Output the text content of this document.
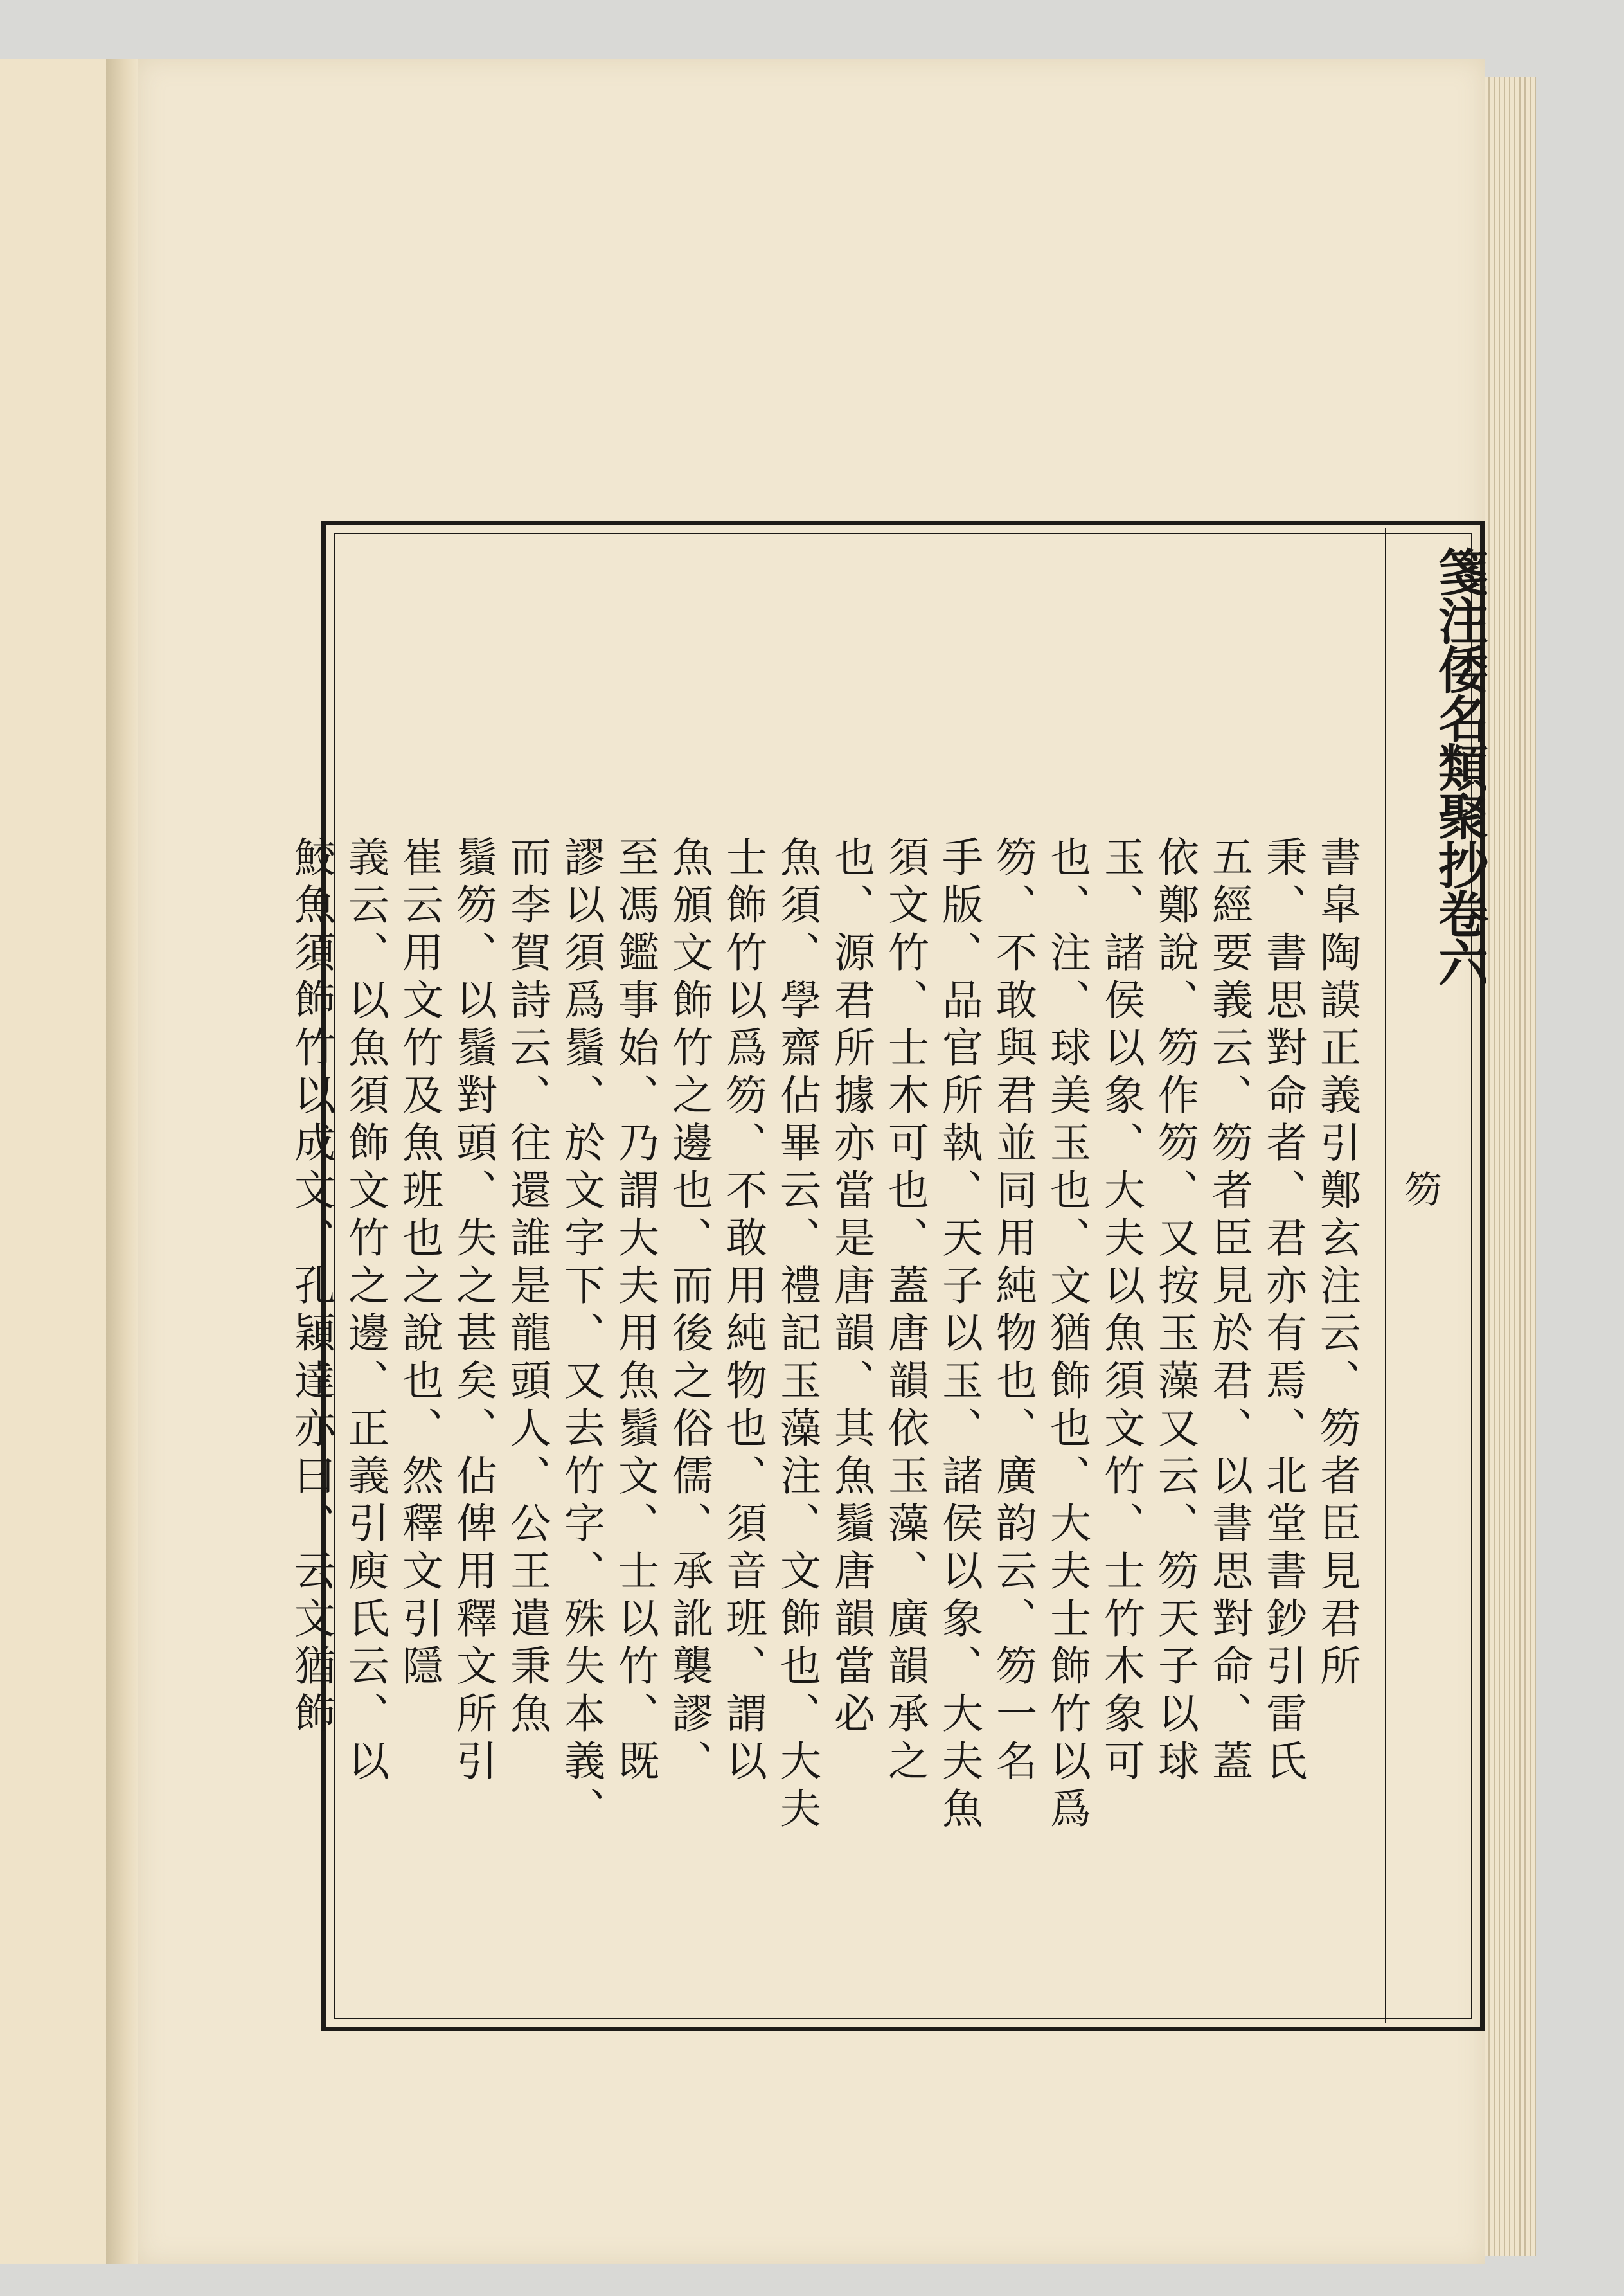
箋注倭名類聚抄卷六
笏
書皐陶謨正義引鄭玄注云、笏者臣見君所
秉、書思對命者、君亦有焉、北堂書鈔引雷氏
五經要義云、笏者臣見於君、以書思對命、蓋
依鄭說、笏作笏、又按玉藻又云、笏天子以球
玉、諸侯以象、大夫以魚須文竹、士竹木象可
也、注、球美玉也、文猶飾也、大夫士飾竹以爲
笏、不敢與君並同用純物也、廣韵云、笏一名
手版、品官所執、天子以玉、諸侯以象、大夫魚
須文竹、士木可也、蓋唐韻依玉藻、廣韻承之
也、源君所據亦當是唐韻、其魚鬚唐韻當必
魚須、學齋佔畢云、禮記玉藻注、文飾也、大夫
士飾竹以爲笏、不敢用純物也、須音班、謂以
魚頒文飾竹之邊也、而後之俗儒、承訛襲謬、
至馮鑑事始、乃謂大夫用魚鬚文、士以竹、既
謬以須爲鬚、於文字下、又去竹字、殊失本義、
而李賀詩云、往還誰是龍頭人、公王遣秉魚
鬚笏、以鬚對頭、失之甚矣、佔俾用釋文所引
崔云用文竹及魚班也之說也、然釋文引隱
義云、以魚須飾文竹之邊、正義引庾氏云、以
鮫魚須飾竹以成文、孔穎達亦曰、云文猶飾
